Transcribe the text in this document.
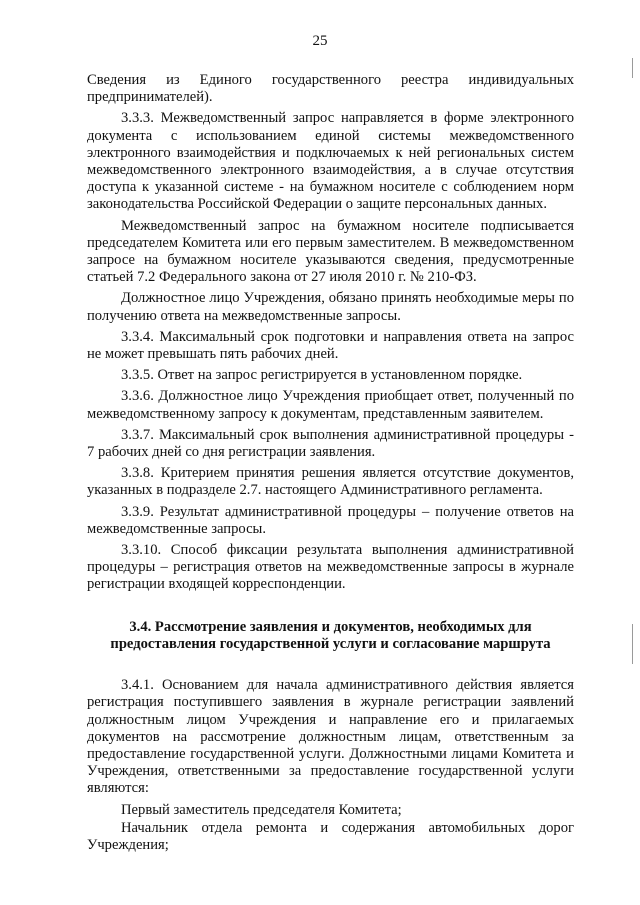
25

Сведения из Единого государственного реестра индивидуальных предпринимателей).

3.3.3. Межведомственный запрос направляется в форме электронного документа с использованием единой системы межведомственного электронного взаимодействия и подключаемых к ней региональных систем межведомственного электронного взаимодействия, а в случае отсутствия доступа к указанной системе - на бумажном носителе с соблюдением норм законодательства Российской Федерации о защите персональных данных.

Межведомственный запрос на бумажном носителе подписывается председателем Комитета или его первым заместителем. В межведомственном запросе на бумажном носителе указываются сведения, предусмотренные статьей 7.2 Федерального закона от 27 июля 2010 г. № 210-ФЗ.

Должностное лицо Учреждения, обязано принять необходимые меры по получению ответа на межведомственные запросы.

3.3.4. Максимальный срок подготовки и направления ответа на запрос не может превышать пять рабочих дней.

3.3.5. Ответ на запрос регистрируется в установленном порядке.

3.3.6. Должностное лицо Учреждения приобщает ответ, полученный по межведомственному запросу к документам, представленным заявителем.

3.3.7. Максимальный срок выполнения административной процедуры - 7 рабочих дней со дня регистрации заявления.

3.3.8. Критерием принятия решения является отсутствие документов, указанных в подразделе 2.7. настоящего Административного регламента.

3.3.9. Результат административной процедуры – получение ответов на межведомственные запросы.

3.3.10. Способ фиксации результата выполнения административной процедуры – регистрация ответов на межведомственные запросы в журнале регистрации входящей корреспонденции.

3.4. Рассмотрение заявления и документов, необходимых для предоставления государственной услуги и согласование маршрута

3.4.1. Основанием для начала административного действия является регистрация поступившего заявления в журнале регистрации заявлений должностным лицом Учреждения и направление его и прилагаемых документов на рассмотрение должностным лицам, ответственным за предоставление государственной услуги. Должностными лицами Комитета и Учреждения, ответственными за предоставление государственной услуги являются:

Первый заместитель председателя Комитета;

Начальник отдела ремонта и содержания автомобильных дорог Учреждения;
